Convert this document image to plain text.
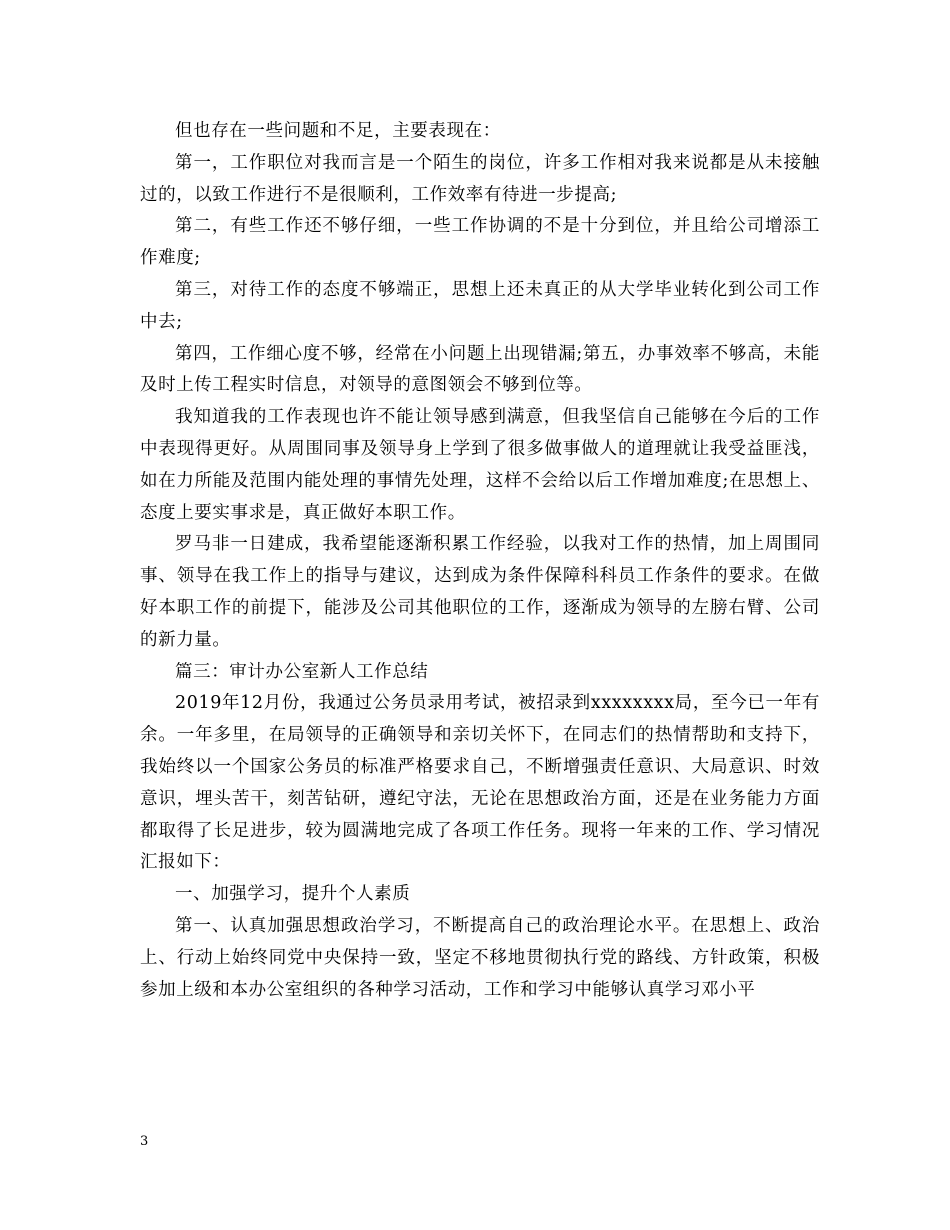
但也存在一些问题和不足，主要表现在：

第一，工作职位对我而言是一个陌生的岗位，许多工作相对我来说都是从未接触过的，以致工作进行不是很顺利，工作效率有待进一步提高;

第二，有些工作还不够仔细，一些工作协调的不是十分到位，并且给公司增添工作难度;

第三，对待工作的态度不够端正，思想上还未真正的从大学毕业转化到公司工作中去;

第四，工作细心度不够，经常在小问题上出现错漏;第五，办事效率不够高，未能及时上传工程实时信息，对领导的意图领会不够到位等。

我知道我的工作表现也许不能让领导感到满意，但我坚信自己能够在今后的工作中表现得更好。从周围同事及领导身上学到了很多做事做人的道理就让我受益匪浅，如在力所能及范围内能处理的事情先处理，这样不会给以后工作增加难度;在思想上、态度上要实事求是，真正做好本职工作。

罗马非一日建成，我希望能逐渐积累工作经验，以我对工作的热情，加上周围同事、领导在我工作上的指导与建议，达到成为条件保障科科员工作条件的要求。在做好本职工作的前提下，能涉及公司其他职位的工作，逐渐成为领导的左膀右臂、公司的新力量。

篇三：审计办公室新人工作总结

2019年12月份，我通过公务员录用考试，被招录到xxxxxxxx局，至今已一年有余。一年多里，在局领导的正确领导和亲切关怀下，在同志们的热情帮助和支持下，我始终以一个国家公务员的标准严格要求自己，不断增强责任意识、大局意识、时效意识，埋头苦干，刻苦钻研，遵纪守法，无论在思想政治方面，还是在业务能力方面都取得了长足进步，较为圆满地完成了各项工作任务。现将一年来的工作、学习情况汇报如下：

一、加强学习，提升个人素质

第一、认真加强思想政治学习，不断提高自己的政治理论水平。在思想上、政治上、行动上始终同党中央保持一致，坚定不移地贯彻执行党的路线、方针政策，积极参加上级和本办公室组织的各种学习活动，工作和学习中能够认真学习邓小平

3
